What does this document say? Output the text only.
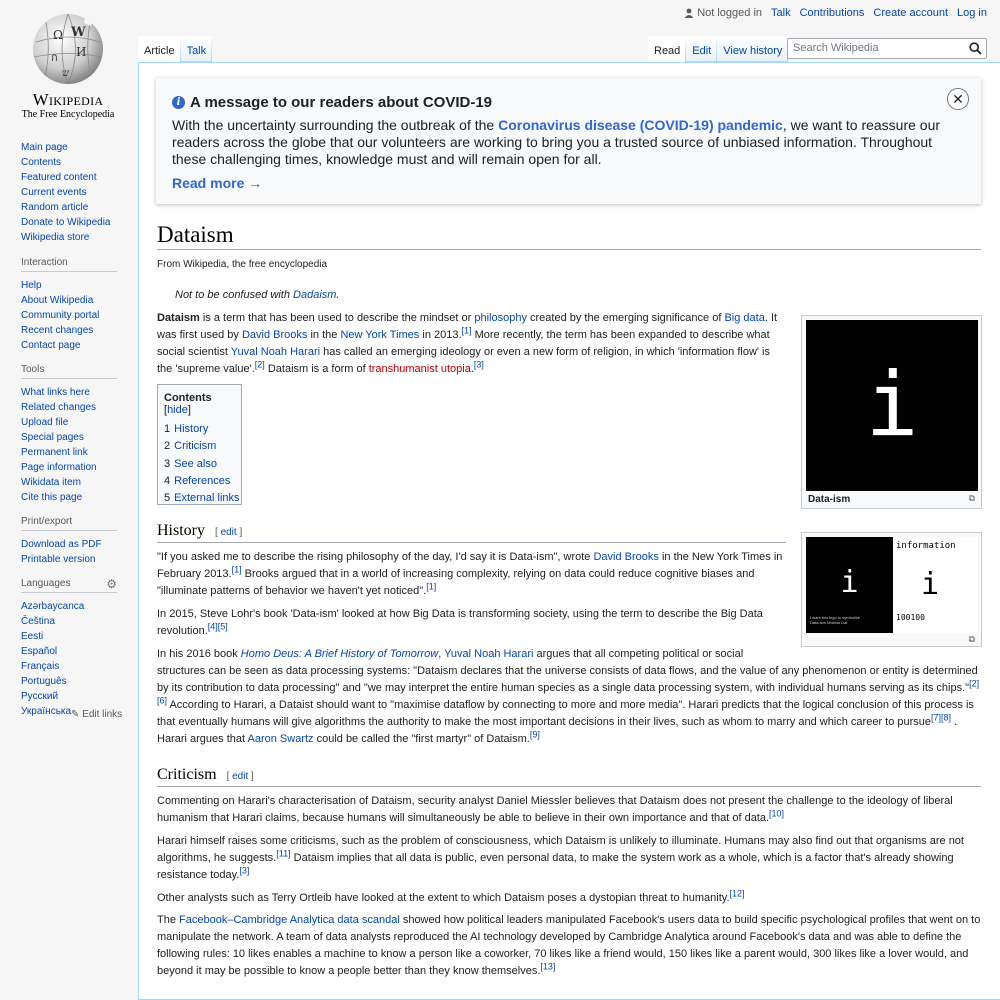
Ω W
И
ก
ש
Wikipedia
The Free Encyclopedia
Not logged in Talk Contributions Create account Log in
Article Talk	Read Edit View history Search Wikipedia
Main page
Contents
Featured content
Current events
Random article
Donate to Wikipedia
Wikipedia store
Interaction
Help
About Wikipedia
Community portal
Recent changes
Contact page
Tools
What links here
Related changes
Upload file
Special pages
Permanent link
Page information
Wikidata item
Cite this page
Print/export
Download as PDF
Printable version
Languages	⚙
Azərbaycanca
Čeština
Eesti
Español
Français
Português
Русский
Українська ✎ Edit links
i A message to our readers about COVID-19
With the uncertainty surrounding the outbreak of the Coronavirus disease (COVID-19) pandemic, we want to reassure our readers across the globe that our volunteers are working to bring you a trusted source of unbiased information. Throughout these challenging times, knowledge must and will remain open for all.
Read more →
✕
Dataism
From Wikipedia, the free encyclopedia
Not to be confused with Dadaism.
Dataism is a term that has been used to describe the mindset or philosophy created by the emerging significance of Big data. It was first used by David Brooks in the New York Times in 2013.[1] More recently, the term has been expanded to describe what social scientist Yuval Noah Harari has called an emerging ideology or even a new form of religion, in which 'information flow' is the 'supreme value'.[2] Dataism is a form of transhumanist utopia.[3]
Contents [hide]
1 History
2 Criticism
3 See also
4 References
5 External links
i
Data-ism	⧉
i
I want this logo to symbolize Data-ism Mobius Dat
information
i
100100
⧉
History [ edit ]
"If you asked me to describe the rising philosophy of the day, I'd say it is Data-ism", wrote David Brooks in the New York Times in February 2013.[1] Brooks argued that in a world of increasing complexity, relying on data could reduce cognitive biases and "illuminate patterns of behavior we haven't yet noticed".[1]
In 2015, Steve Lohr's book 'Data-ism' looked at how Big Data is transforming society, using the term to describe the Big Data revolution.[4][5]
In his 2016 book Homo Deus: A Brief History of Tomorrow, Yuval Noah Harari argues that all competing political or social
structures can be seen as data processing systems: "Dataism declares that the universe consists of data flows, and the value of any phenomenon or entity is determined by its contribution to data processing" and "we may interpret the entire human species as a single data processing system, with individual humans serving as its chips."[2][6] According to Harari, a Dataist should want to "maximise dataflow by connecting to more and more media". Harari predicts that the logical conclusion of this process is that eventually humans will give algorithms the authority to make the most important decisions in their lives, such as whom to marry and which career to pursue[7][8] . Harari argues that Aaron Swartz could be called the "first martyr" of Dataism.[9]
Criticism [ edit ]
Commenting on Harari's characterisation of Dataism, security analyst Daniel Miessler believes that Dataism does not present the challenge to the ideology of liberal humanism that Harari claims, because humans will simultaneously be able to believe in their own importance and that of data.[10]
Harari himself raises some criticisms, such as the problem of consciousness, which Dataism is unlikely to illuminate. Humans may also find out that organisms are not algorithms, he suggests.[11] Dataism implies that all data is public, even personal data, to make the system work as a whole, which is a factor that's already showing resistance today.[3]
Other analysts such as Terry Ortleib have looked at the extent to which Dataism poses a dystopian threat to humanity.[12]
The Facebook–Cambridge Analytica data scandal showed how political leaders manipulated Facebook's users data to build specific psychological profiles that went on to manipulate the network. A team of data analysts reproduced the AI technology developed by Cambridge Analytica around Facebook's data and was able to define the following rules: 10 likes enables a machine to know a person like a coworker, 70 likes like a friend would, 150 likes like a parent would, 300 likes like a lover would, and beyond it may be possible to know a people better than they know themselves.[13]
